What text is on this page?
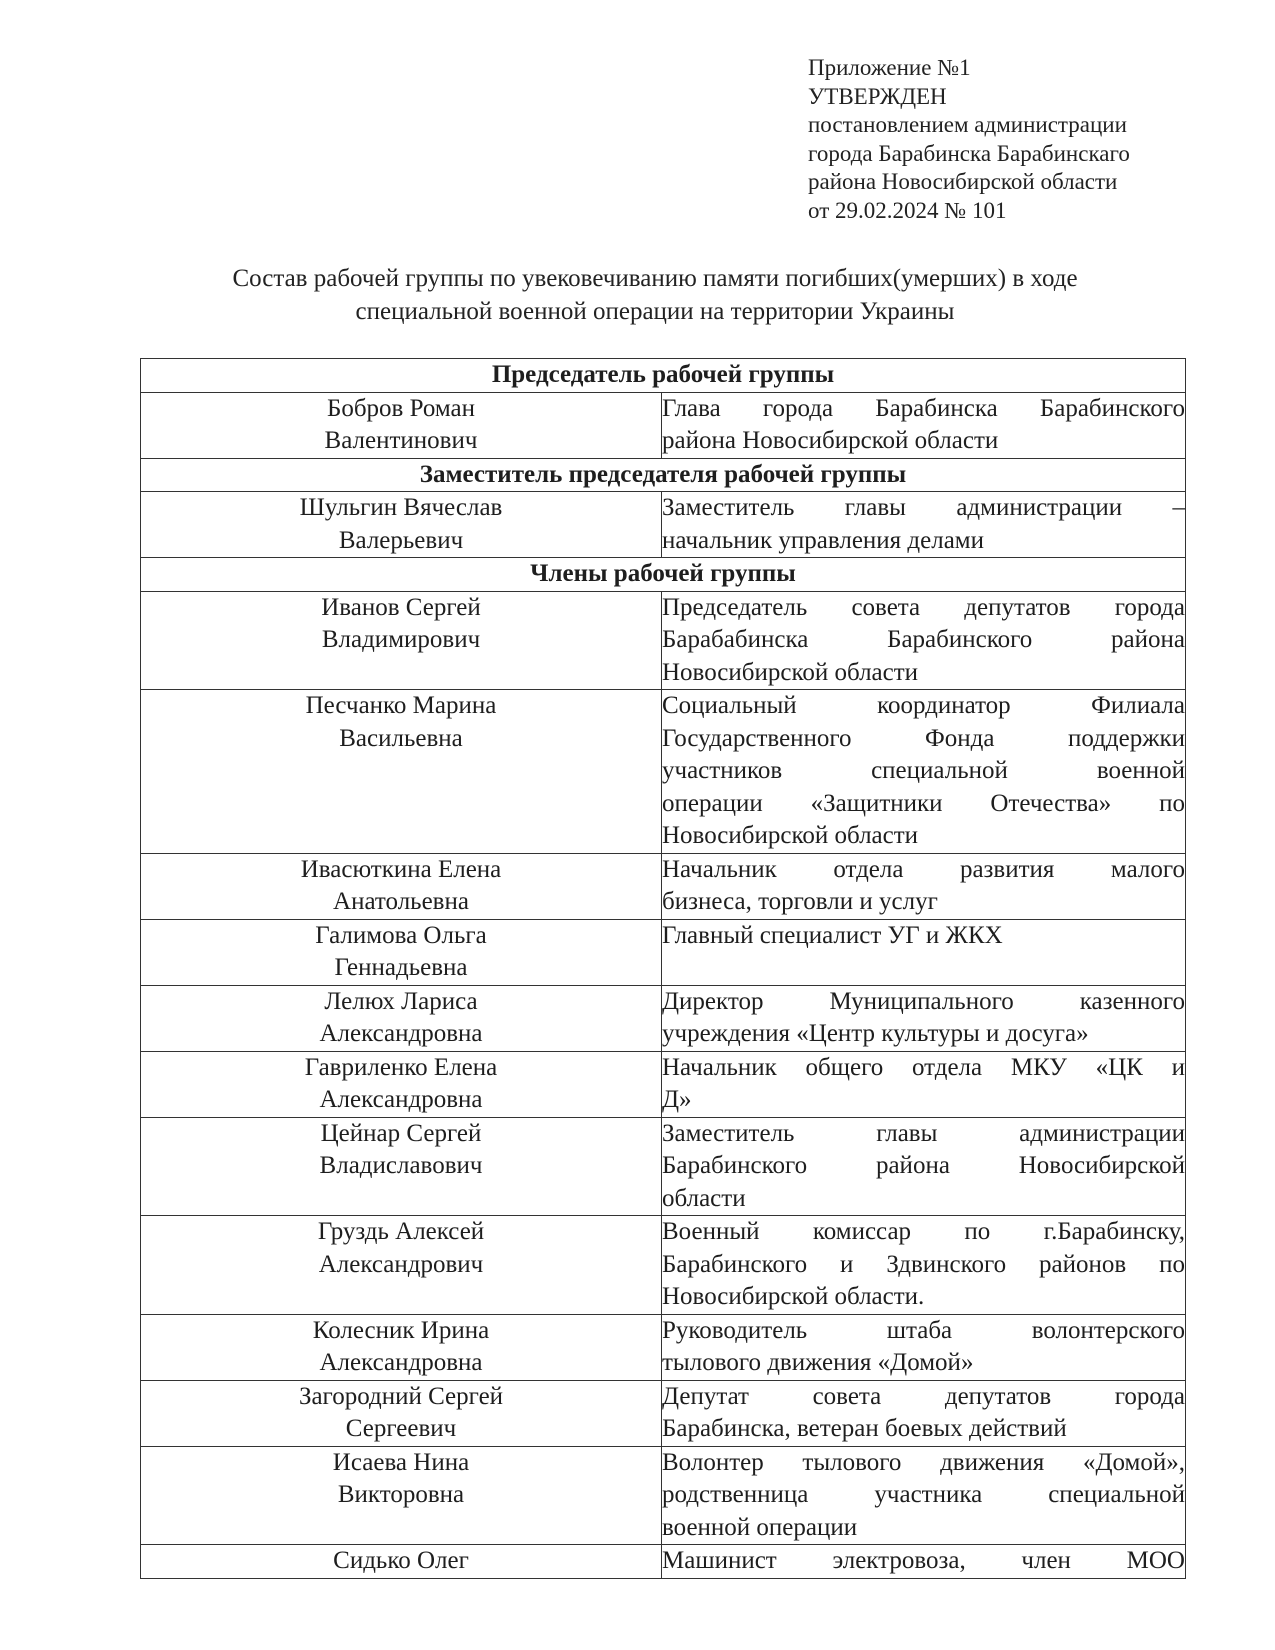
Приложение №1
УТВЕРЖДЕН
постановлением администрации
города Барабинска Барабинскаго
района Новосибирской области
от 29.02.2024 № 101
Состав рабочей группы по увековечиванию памяти погибших(умерших) в ходе
специальной военной операции на территории Украины
Председатель рабочей группы	

Бобров Роман
Валентинович	Глава города Барабинска Барабинского
района Новосибирской области

Заместитель председателя рабочей группы	

Шульгин Вячеслав
Валерьевич	Заместитель главы администрации –
начальник управления делами

Члены рабочей группы	

Иванов Сергей
Владимирович	Председатель совета депутатов города
Барабабинска Барабинского района
Новосибирской области

Песчанко Марина
Васильевна	Социальный координатор Филиала
Государственного Фонда поддержки
участников специальной военной
операции «Защитники Отечества» по
Новосибирской области

Ивасюткина Елена
Анатольевна	Начальник отдела развития малого
бизнеса, торговли и услуг

Галимова Ольга
Геннадьевна	Главный специалист УГ и ЖКХ

Лелюх Лариса
Александровна	Директор Муниципального казенного
учреждения «Центр культуры и досуга»

Гавриленко Елена
Александровна	Начальник общего отдела МКУ «ЦК и
Д»

Цейнар Сергей
Владиславович	Заместитель главы администрации
Барабинского района Новосибирской
области

Груздь Алексей
Александрович	Военный комиссар по г.Барабинску,
Барабинского и Здвинского районов по
Новосибирской области.

Колесник Ирина
Александровна	Руководитель штаба волонтерского
тылового движения «Домой»

Загородний Сергей
Сергеевич	Депутат совета депутатов города
Барабинска, ветеран боевых действий

Исаева Нина
Викторовна	Волонтер тылового движения «Домой»,
родственница участника специальной
военной операции

Сидько Олег	Машинист электровоза, член МОО
